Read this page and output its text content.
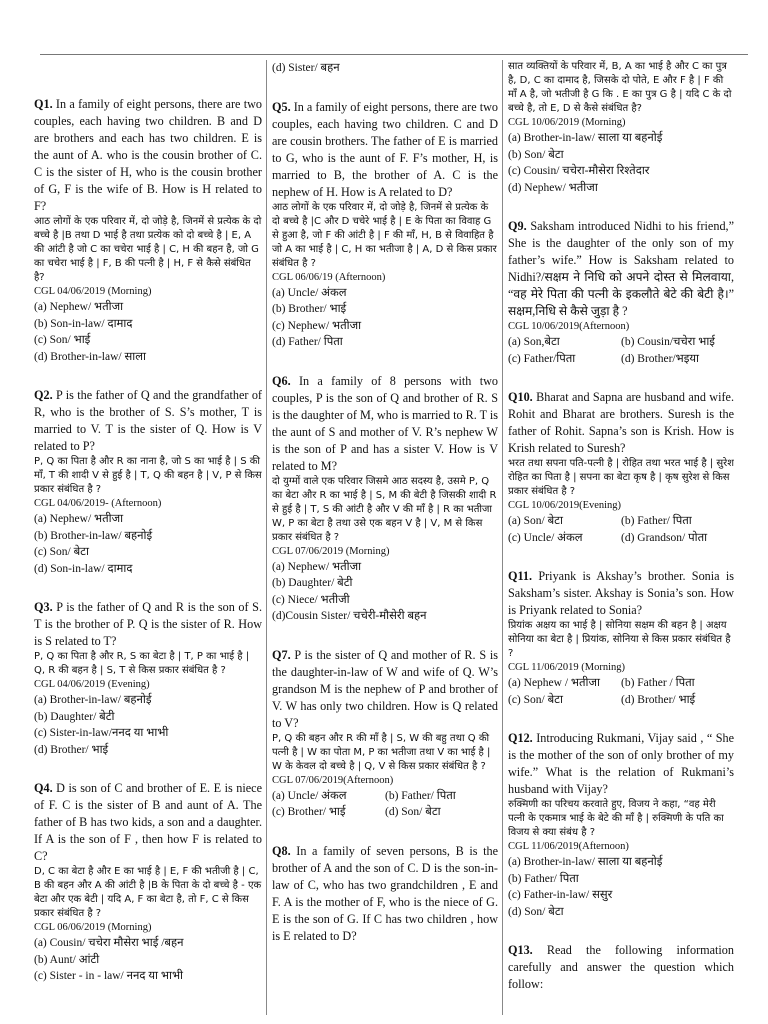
Q1. In a family of eight persons, there are two couples, each having two children. B and D are brothers and each has two children. E is the aunt of A. who is the cousin brother of C. C is the sister of H, who is the cousin brother of G, F is the wife of B. How is H related to F?

आठ लोगों के एक परिवार में, दो जोड़े है, जिनमें से प्रत्येक के दो बच्चे है |B तथा D भाई है तथा प्रत्येक को दो बच्चे है | E, A की आंटी है जो C का चचेरा भाई है | C, H की बहन है, जो G का चचेरा भाई है | F, B की पत्नी है | H, F से कैसे संबंधित है?

CGL 04/06/2019 (Morning)

(a) Nephew/ भतीजा

(b) Son-in-law/ दामाद

(c) Son/ भाई

(d) Brother-in-law/ साला

Q2. P is the father of Q and the grandfather of R, who is the brother of S. S’s mother, T is married to V. T is the sister of Q. How is V related to P?

P, Q का पिता है और R का नाना है, जो S का भाई है | S की माँ, T की शादी V से हुई है | T, Q की बहन है | V, P से किस प्रकार संबंधित है ?

CGL 04/06/2019- (Afternoon)

(a) Nephew/ भतीजा

(b) Brother-in-law/ बहनोई

(c) Son/ बेटा

(d) Son-in-law/ दामाद

Q3. P is the father of Q and R is the son of S. T is the brother of P. Q is the sister of R. How is S related to T?

P, Q का पिता है और R, S का बेटा है | T, P का भाई है | Q, R की बहन है | S, T से किस प्रकार संबंधित है ?

CGL 04/06/2019 (Evening)

(a) Brother-in-law/ बहनोई

(b) Daughter/ बेटी

(c) Sister-in-law/ननद या भाभी

(d) Brother/ भाई

Q4. D is son of C and brother of E. E is niece of F. C is the sister of B and aunt of A. The father of B has two kids, a son and a daughter. If A is the son of F , then how F is related to C?

D, C का बेटा है और E का भाई है | E, F की भतीजी है | C, B की बहन और A की आंटी है |B के पिता के दो बच्चे है - एक बेटा और एक बेटी | यदि A, F का बेटा है, तो F, C से किस प्रकार संबंधित है ?

CGL 06/06/2019 (Morning)

(a) Cousin/ चचेरा मौसेरा भाई /बहन

(b) Aunt/ आंटी

(c) Sister - in - law/ ननद या भाभी

(d) Sister/ बहन

Q5. In a family of eight persons, there are two couples, each having two children. C and D are cousin brothers. The father of E is married to G, who is the aunt of F. F’s mother, H, is married to B, the brother of A. C is the nephew of H. How is A related to D?

आठ लोगों के एक परिवार में, दो जोड़े है, जिनमें से प्रत्येक के दो बच्चे है |C और D चचेरे भाई है | E के पिता का विवाह G से हुआ है, जो F की आंटी है | F की माँ, H, B से विवाहित है जो A का भाई है | C, H का भतीजा है | A, D से किस प्रकार संबंधित है ?

CGL 06/06/19 (Afternoon)

(a) Uncle/ अंकल

(b) Brother/ भाई

(c) Nephew/ भतीजा

(d) Father/ पिता

Q6. In a family of 8 persons with two couples, P is the son of Q and brother of R. S is the daughter of M, who is married to R. T is the aunt of S and mother of V. R’s nephew W is the son of P and has a sister V. How is V related to M?

दो युग्मों वाले एक परिवार जिसमे आठ सदस्य है, उसमे P, Q का बेटा और R का भाई है | S, M की बेटी है जिसकी शादी R से हुई है | T, S की आंटी है और V की माँ है | R का भतीजा W, P का बेटा है तथा उसे एक बहन V है | V, M से किस प्रकार संबंधित है ?

CGL 07/06/2019 (Morning)

(a) Nephew/ भतीजा

(b) Daughter/ बेटी

(c) Niece/ भतीजी

(d)Cousin Sister/ चचेरी-मौसेरी बहन

Q7. P is the sister of Q and mother of R. S is the daughter-in-law of W and wife of Q. W’s grandson M is the nephew of P and brother of V. W has only two children. How is Q related to V?

P, Q की बहन और R की माँ है | S, W की बहु तथा Q की पत्नी है | W का पोता M, P का भतीजा तथा V का भाई है | W के केवल दो बच्चे है | Q, V से किस प्रकार संबंधित है ?

CGL 07/06/2019(Afternoon)

(a) Uncle/ अंकल	(b) Father/ पिता

(c) Brother/ भाई	(d) Son/ बेटा

Q8. In a family of seven persons, B is the brother of A and the son of C. D is the son-in-law of C, who has two grandchildren , E and F. A is the mother of F, who is the niece of G. E is the son of G. If C has two children , how is E related to D?

सात व्यक्तियों के परिवार में, B, A का भाई है और C का पुत्र है, D, C का दामाद है, जिसके दो पोते, E और F है | F की माँ A है, जो भतीजी है G कि . E का पुत्र G है | यदि C के दो बच्चे है, तो E, D से कैसे संबंधित है?

CGL 10/06/2019 (Morning)

(a) Brother-in-law/ साला या बहनोई

(b) Son/ बेटा

(c) Cousin/ चचेरा-मौसेरा रिश्तेदार

(d) Nephew/ भतीजा

Q9. Saksham introduced Nidhi to his friend,” She is the daughter of the only son of my father’s wife.” How is Saksham related to Nidhi?/सक्षम ने निधि को अपने दोस्त से मिलवाया, “वह मेरे पिता की पत्नी के इकलौते बेटे की बेटी है।” सक्षम,निधि से कैसे जुड़ा है ?

CGL 10/06/2019(Afternoon)

(a) Son,बेटा	(b) Cousin/चचेरा भाई

(c) Father/पिता	(d) Brother/भइया

Q10. Bharat and Sapna are husband and wife. Rohit and Bharat are brothers. Suresh is the father of Rohit. Sapna’s son is Krish. How is Krish related to Suresh?

भरत तथा सपना पति-पत्नी है | रोहित तथा भरत भाई है | सुरेश रोहित का पिता है | सपना का बेटा कृष है | कृष सुरेश से किस प्रकार संबंधित है ?

CGL 10/06/2019(Evening)

(a) Son/ बेटा	(b) Father/ पिता

(c) Uncle/ अंकल	(d) Grandson/ पोता

Q11. Priyank is Akshay’s brother. Sonia is Saksham’s sister. Akshay is Sonia’s son. How is Priyank related to Sonia?

प्रियांक अक्षय का भाई है | सोनिया सक्षम की बहन है | अक्षय सोनिया का बेटा है | प्रियांक, सोनिया से किस प्रकार संबंधित है ?

CGL 11/06/2019 (Morning)

(a) Nephew / भतीजा	(b) Father / पिता

(c) Son/ बेटा	(d) Brother/ भाई

Q12. Introducing Rukmani, Vijay said , “ She is the mother of the son of only brother of my wife.” What is the relation of Rukmani’s husband with Vijay?

रुक्मिणी का परिचय करवाते हुए, विजय ने कहा, “वह मेरी पत्नी के एकमात्र भाई के बेटे की माँ है | रुक्मिणी के पति का विजय से क्या संबंध है ?

CGL 11/06/2019(Afternoon)

(a) Brother-in-law/ साला या बहनोई

(b) Father/ पिता

(c) Father-in-law/ ससुर

(d) Son/ बेटा

Q13. Read the following information carefully and answer the question which follow:
